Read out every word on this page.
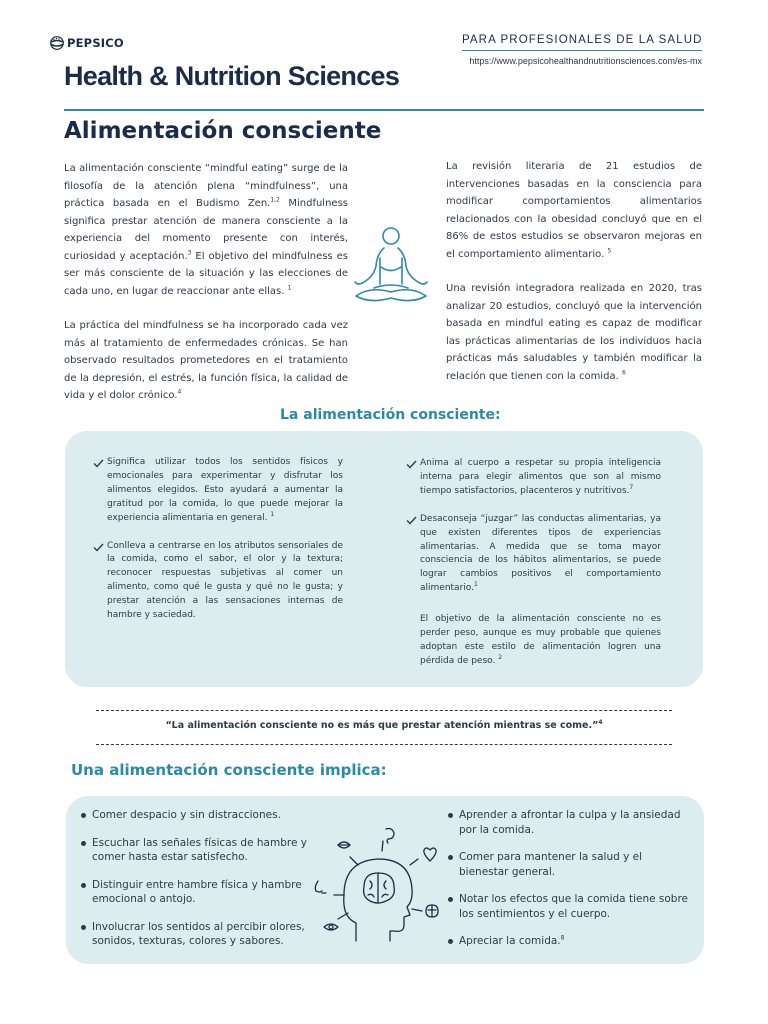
PEPSICO
Health & Nutrition Sciences
PARA PROFESIONALES DE LA SALUD
https://www.pepsicohealthandnutritionsciences.com/es-mx
Alimentación consciente

La alimentación consciente “mindful eating” surge de la filosofía de la atención plena “mindfulness”, una práctica basada en el Budismo Zen.$^{1,2}$ Mindfulness significa prestar atención de manera consciente a la experiencia del momento presente con interés, curiosidad y aceptación.$^3$ El objetivo del mindfulness es ser más consciente de la situación y las elecciones de cada uno, en lugar de reaccionar ante ellas. $^1$

La práctica del mindfulness se ha incorporado cada vez más al tratamiento de enfermedades crónicas. Se han observado resultados prometedores en el tratamiento de la depresión, el estrés, la función física, la calidad de vida y el dolor crónico.$^4$

La revisión literaria de 21 estudios de intervenciones basadas en la consciencia para modificar comportamientos alimentarios relacionados con la obesidad concluyó que en el 86% de estos estudios se observaron mejoras en el comportamiento alimentario. $^5$

Una revisión integradora realizada en 2020, tras analizar 20 estudios, concluyó que la intervención basada en mindful eating es capaz de modificar las prácticas alimentarias de los individuos hacia prácticas más saludables y también modificar la relación que tienen con la comida. $^6$

La alimentación consciente:
Significa utilizar todos los sentidos físicos y emocionales para experimentar y disfrutar los alimentos elegidos. Esto ayudará a aumentar la gratitud por la comida, lo que puede mejorar la experiencia alimentaria en general. $^1$
Conlleva a centrarse en los atributos sensoriales de la comida, como el sabor, el olor y la textura; reconocer respuestas subjetivas al comer un alimento, como qué le gusta y qué no le gusta; y prestar atención a las sensaciones internas de hambre y saciedad.
Anima al cuerpo a respetar su propia inteligencia interna para elegir alimentos que son al mismo tiempo satisfactorios, placenteros y nutritivos.$^7$
Desaconseja “juzgar” las conductas alimentarias, ya que existen diferentes tipos de experiencias alimentarias. A medida que se toma mayor consciencia de los hábitos alimentarios, se puede lograr cambios positivos el comportamiento alimentario.$^1$

El objetivo de la alimentación consciente no es perder peso, aunque es muy probable que quienes adoptan este estilo de alimentación logren una pérdida de peso. $^2$

“La alimentación consciente no es más que prestar atención mientras se come.”$^4$
Una alimentación consciente implica:
Comer despacio y sin distracciones.
Escuchar las señales físicas de hambre y comer hasta estar satisfecho.
Distinguir entre hambre física y hambre emocional o antojo.
Involucrar los sentidos al percibir olores, sonidos, texturas, colores y sabores.
Aprender a afrontar la culpa y la ansiedad por la comida.
Comer para mantener la salud y el bienestar general.
Notar los efectos que la comida tiene sobre los sentimientos y el cuerpo.
Apreciar la comida.$^8$
